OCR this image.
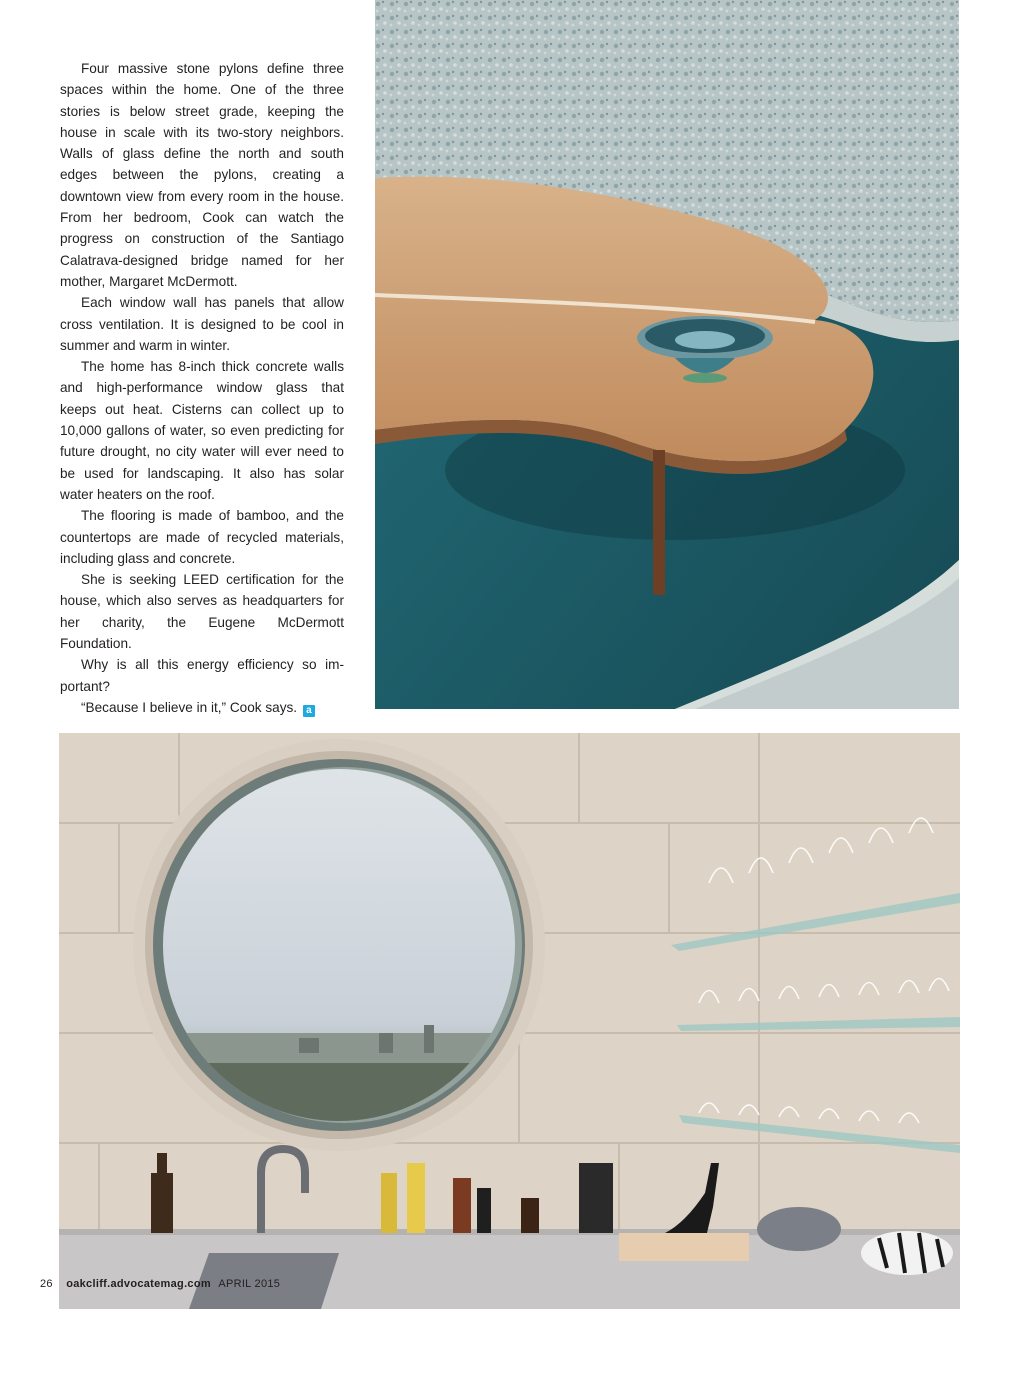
Four massive stone pylons define three spaces within the home. One of the three stories is below street grade, keeping the house in scale with its two-story neighbors. Walls of glass define the north and south edges between the pylons, creating a downtown view from every room in the house. From her bedroom, Cook can watch the progress on construction of the Santiago Calatrava-designed bridge named for her mother, Margaret McDermott.

Each window wall has panels that allow cross ventilation. It is designed to be cool in summer and warm in winter.

The home has 8-inch thick concrete walls and high-performance window glass that keeps out heat. Cisterns can collect up to 10,000 gallons of water, so even predicting for future drought, no city water will ever need to be used for landscaping. It also has solar water heaters on the roof.

The flooring is made of bamboo, and the countertops are made of recycled materials, including glass and concrete.

She is seeking LEED certification for the house, which also serves as headquarters for her charity, the Eugene McDermott Foundation.

Why is all this energy efficiency so important?

“Because I believe in it,” Cook says. a

26 oakcliff.advocatemag.com APRIL 2015
